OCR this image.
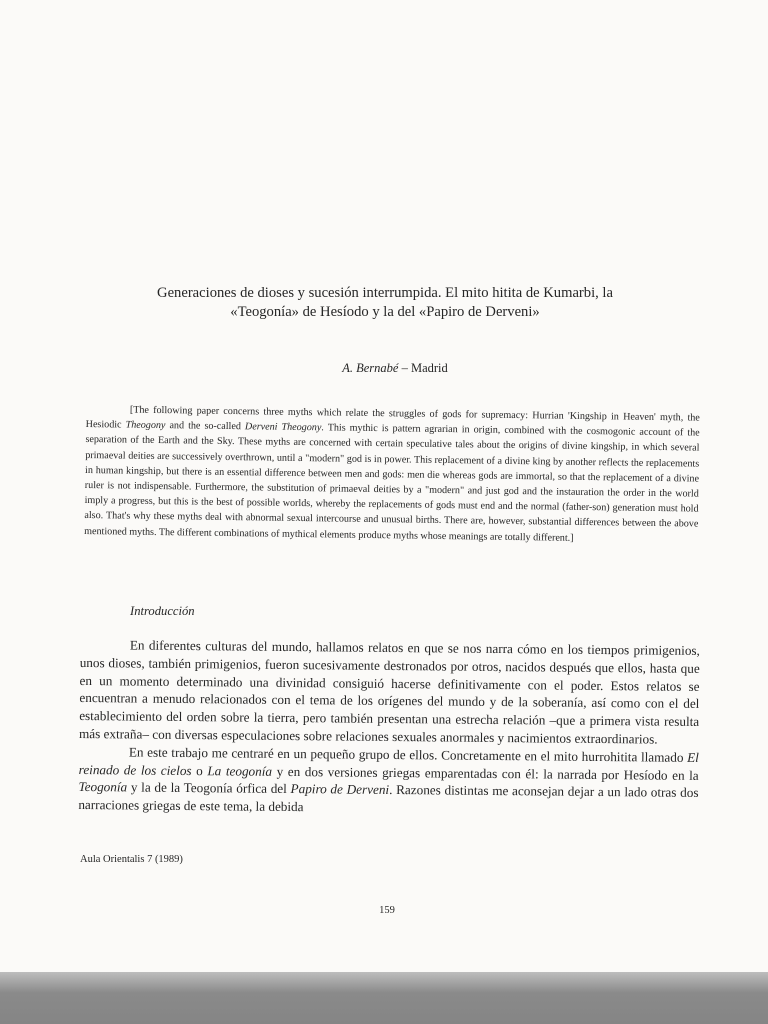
Generaciones de dioses y sucesión interrumpida. El mito hitita de Kumarbi, la
«Teogonía» de Hesíodo y la del «Papiro de Derveni»
A. Bernabé – Madrid

[The following paper concerns three myths which relate the struggles of gods for supremacy: Hurrian 'Kingship in Heaven' myth, the Hesiodic Theogony and the so-called Derveni Theogony. This mythic is pattern agrarian in origin, combined with the cosmogonic account of the separation of the Earth and the Sky. These myths are concerned with certain speculative tales about the origins of divine kingship, in which several primaeval deities are successively overthrown, until a "modern" god is in power. This replacement of a divine king by another reflects the replacements in human kingship, but there is an essential difference between men and gods: men die whereas gods are immortal, so that the replacement of a divine ruler is not indispensable. Furthermore, the substitution of primaeval deities by a "modern" and just god and the instauration the order in the world imply a progress, but this is the best of possible worlds, whereby the replacements of gods must end and the normal (father-son) generation must hold also. That's why these myths deal with abnormal sexual intercourse and unusual births. There are, however, substantial differences between the above mentioned myths. The different combinations of mythical elements produce myths whose meanings are totally different.]

Introducción

En diferentes culturas del mundo, hallamos relatos en que se nos narra cómo en los tiempos primigenios, unos dioses, también primigenios, fueron sucesivamente destronados por otros, nacidos después que ellos, hasta que en un momento determinado una divinidad consiguió hacerse definitivamente con el poder. Estos relatos se encuentran a menudo relacionados con el tema de los orígenes del mundo y de la soberanía, así como con el del establecimiento del orden sobre la tierra, pero también presentan una estrecha relación –que a primera vista resulta más extraña– con diversas especulaciones sobre relaciones sexuales anormales y nacimientos extraordinarios.

En este trabajo me centraré en un pequeño grupo de ellos. Concretamente en el mito hurrohitita llamado El reinado de los cielos o La teogonía y en dos versiones griegas emparentadas con él: la narrada por Hesíodo en la Teogonía y la de la Teogonía órfica del Papiro de Derveni. Razones distintas me aconsejan dejar a un lado otras dos narraciones griegas de este tema, la debida

Aula Orientalis 7 (1989)
159
